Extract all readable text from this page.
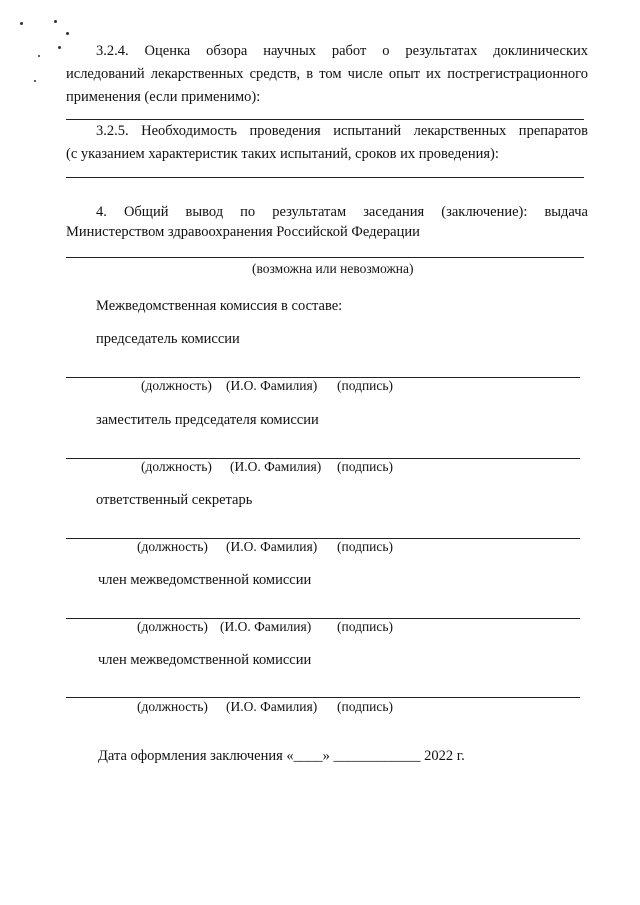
3.2.4. Оценка обзора научных работ о результатах доклинических
иследований лекарственных средств, в том числе опыт их пострегистрационного
применения (если применимо):
3.2.5. Необходимость проведения испытаний лекарственных препаратов
(с указанием характеристик таких испытаний, сроков их проведения):
4. Общий вывод по результатам заседания (заключение): выдача
Министерством здравоохранения Российской Федерации
(возможна или невозможна)
Межведомственная комиссия в составе:
председатель комиссии
(должность) (И.О. Фамилия) (подпись)
заместитель председателя комиссии
(должность) (И.О. Фамилия) (подпись)
ответственный секретарь
(должность) (И.О. Фамилия) (подпись)
член межведомственной комиссии
(должность) (И.О. Фамилия) (подпись)
член межведомственной комиссии
(должность) (И.О. Фамилия) (подпись)
Дата оформления заключения «____» ____________ 2022 г.
